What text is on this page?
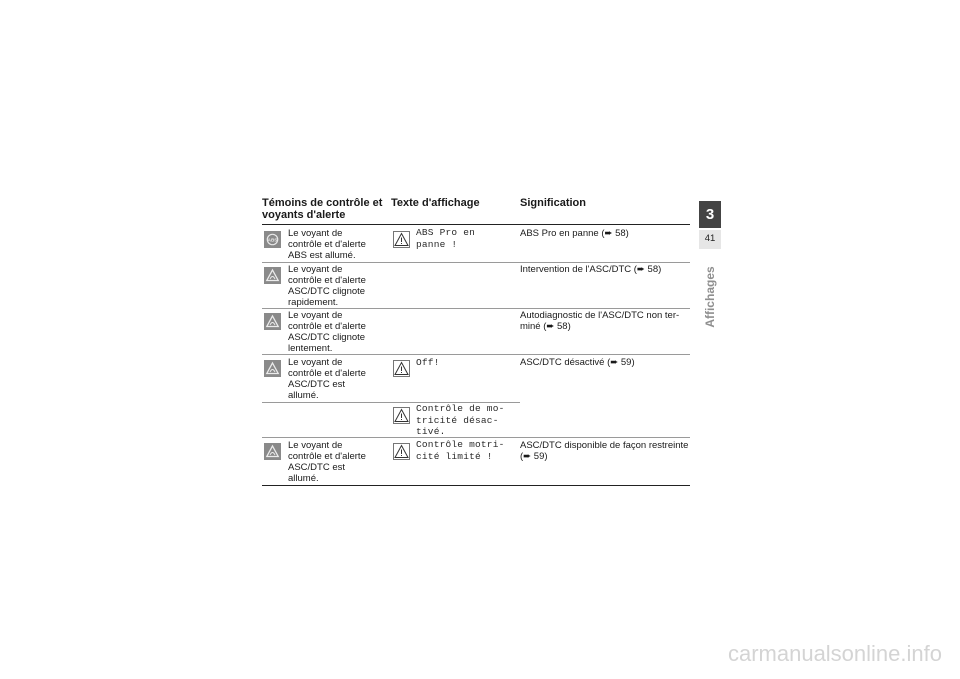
Témoins de contrôle et
voyants d'alerte
Texte d'affichage	Signification
ABS
Le voyant de
contrôle et d'alerte
ABS est allumé.
ABS Pro en
panne !
ABS Pro en panne (➨ 58)
Le voyant de
contrôle et d'alerte
ASC/DTC clignote
rapidement.
Intervention de l'ASC/DTC (➨ 58)
Le voyant de
contrôle et d'alerte
ASC/DTC clignote
lentement.
Autodiagnostic de l'ASC/DTC non ter-
miné (➨ 58)
Le voyant de
contrôle et d'alerte
ASC/DTC est
allumé.
Off!	ASC/DTC désactivé (➨ 59)
Contrôle de mo-
tricité désac-
tivé.
Le voyant de
contrôle et d'alerte
ASC/DTC est
allumé.
Contrôle motri-
cité limité !
ASC/DTC disponible de façon restreinte
(➨ 59)
3
41
Affichages
carmanualsonline.info
